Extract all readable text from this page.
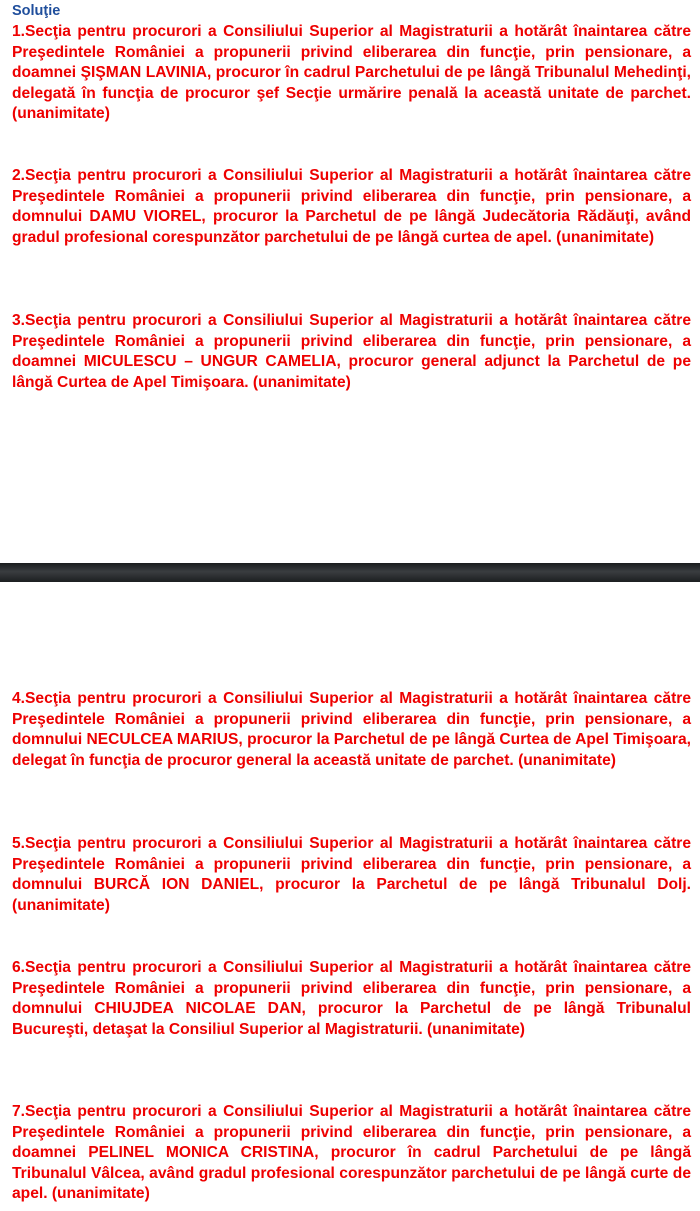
Soluţie

1.Secţia pentru procurori a Consiliului Superior al Magistraturii a hotărât înaintarea către Preşedintele României a propunerii privind eliberarea din funcţie, prin pensionare, a doamnei ŞIŞMAN LAVINIA, procuror în cadrul Parchetului de pe lângă Tribunalul Mehedinţi, delegată în funcţia de procuror şef Secţie urmărire penală la această unitate de parchet. (unanimitate)

2.Secţia pentru procurori a Consiliului Superior al Magistraturii a hotărât înaintarea către Preşedintele României a propunerii privind eliberarea din funcţie, prin pensionare, a domnului DAMU VIOREL, procuror la Parchetul de pe lângă Judecătoria Rădăuţi, având gradul profesional corespunzător parchetului de pe lângă curtea de apel. (unanimitate)

3.Secţia pentru procurori a Consiliului Superior al Magistraturii a hotărât înaintarea către Preşedintele României a propunerii privind eliberarea din funcţie, prin pensionare, a doamnei MICULESCU – UNGUR CAMELIA, procuror general adjunct la Parchetul de pe lângă Curtea de Apel Timişoara. (unanimitate)

4.Secţia pentru procurori a Consiliului Superior al Magistraturii a hotărât înaintarea către Preşedintele României a propunerii privind eliberarea din funcţie, prin pensionare, a domnului NECULCEA MARIUS, procuror la Parchetul de pe lângă Curtea de Apel Timişoara, delegat în funcţia de procuror general la această unitate de parchet. (unanimitate)

5.Secţia pentru procurori a Consiliului Superior al Magistraturii a hotărât înaintarea către Preşedintele României a propunerii privind eliberarea din funcţie, prin pensionare, a domnului BURCĂ ION DANIEL, procuror la Parchetul de pe lângă Tribunalul Dolj. (unanimitate)

6.Secţia pentru procurori a Consiliului Superior al Magistraturii a hotărât înaintarea către Preşedintele României a propunerii privind eliberarea din funcţie, prin pensionare, a domnului CHIUJDEA NICOLAE DAN, procuror la Parchetul de pe lângă Tribunalul Bucureşti, detaşat la Consiliul Superior al Magistraturii. (unanimitate)

7.Secţia pentru procurori a Consiliului Superior al Magistraturii a hotărât înaintarea către Preşedintele României a propunerii privind eliberarea din funcţie, prin pensionare, a doamnei PELINEL MONICA CRISTINA, procuror în cadrul Parchetului de pe lângă Tribunalul Vâlcea, având gradul profesional corespunzător parchetului de pe lângă curte de apel. (unanimitate)
